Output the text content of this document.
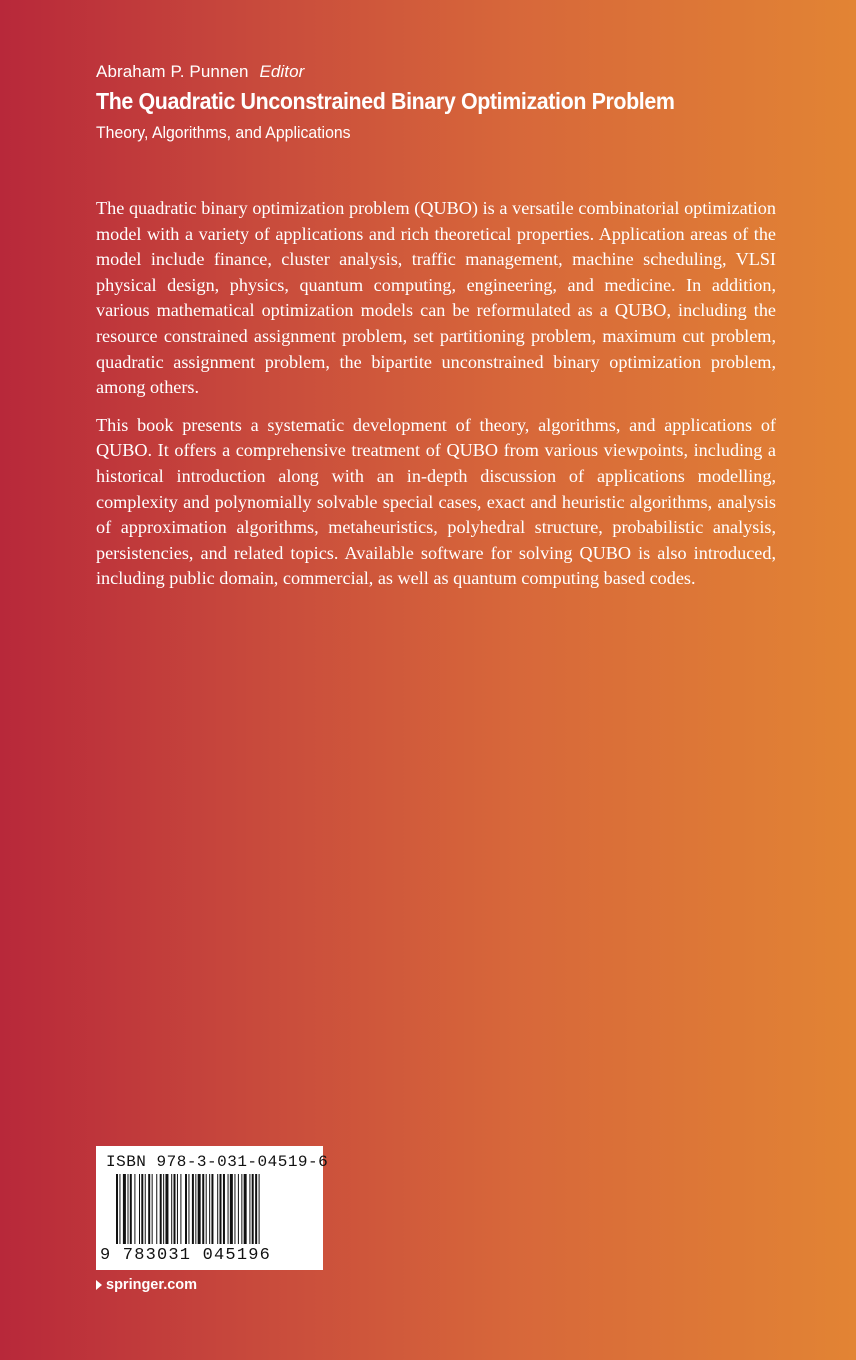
Abraham P. Punnen Editor
The Quadratic Unconstrained Binary Optimization Problem
Theory, Algorithms, and Applications

The quadratic binary optimization problem (QUBO) is a versatile combinatorial optimization model with a variety of applications and rich theoretical properties. Application areas of the model include finance, cluster analysis, traffic management, machine scheduling, VLSI physical design, physics, quantum computing, engineering, and medicine. In addition, various mathematical optimization models can be reformulated as a QUBO, including the resource constrained assignment problem, set partitioning problem, maximum cut problem, quadratic assignment problem, the bipartite unconstrained binary optimization problem, among others.

This book presents a systematic development of theory, algorithms, and applications of QUBO. It offers a comprehensive treatment of QUBO from various viewpoints, including a historical introduction along with an in-depth discussion of applications modelling, complexity and polynomially solvable special cases, exact and heuristic algorithms, analysis of approximation algorithms, metaheuristics, polyhedral structure, probabilistic analysis, persistencies, and related topics. Available software for solving QUBO is also introduced, including public domain, commercial, as well as quantum computing based codes.

ISBN 978-3-031-04519-6
9 783031 045196
springer.com
